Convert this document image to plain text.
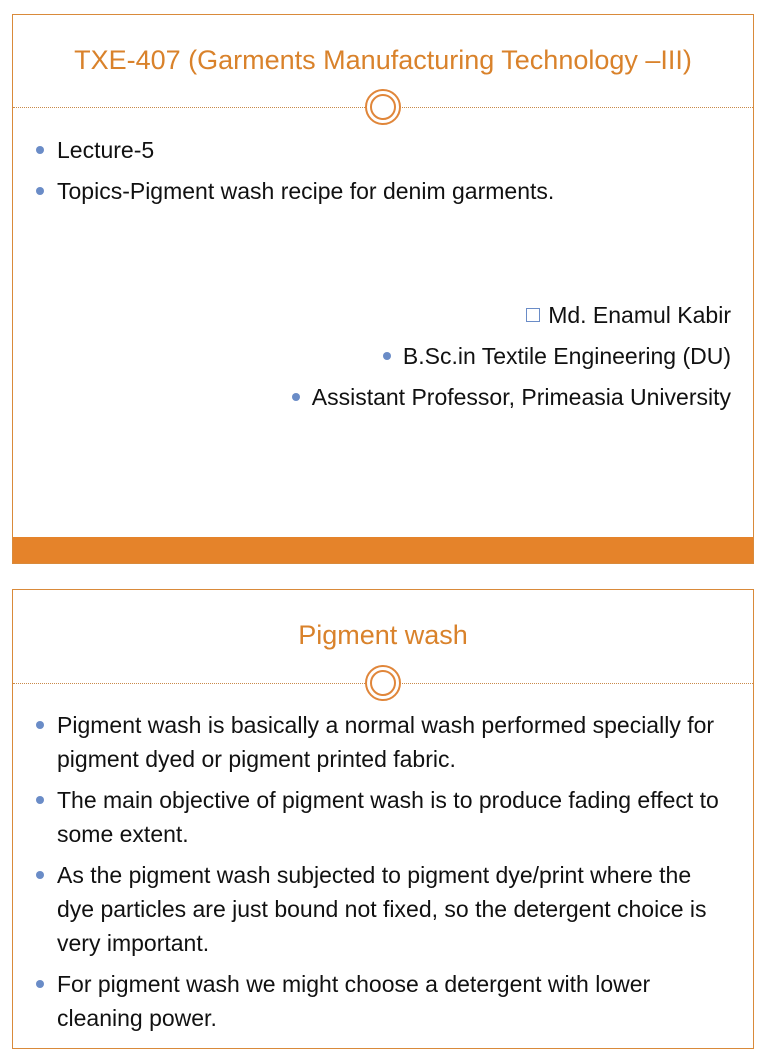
TXE-407 (Garments Manufacturing Technology –III)
Lecture-5
Topics-Pigment wash recipe for denim garments.
Md. Enamul Kabir
B.Sc.in Textile Engineering (DU)
Assistant Professor, Primeasia University
Pigment wash
Pigment wash is basically a normal wash performed specially for pigment dyed or pigment printed fabric.
The main objective of pigment wash is to produce fading effect to some extent.
As the pigment wash subjected to pigment dye/print where the dye particles are just bound not fixed, so the detergent choice is very important.
For pigment wash we might choose a detergent with lower cleaning power.
